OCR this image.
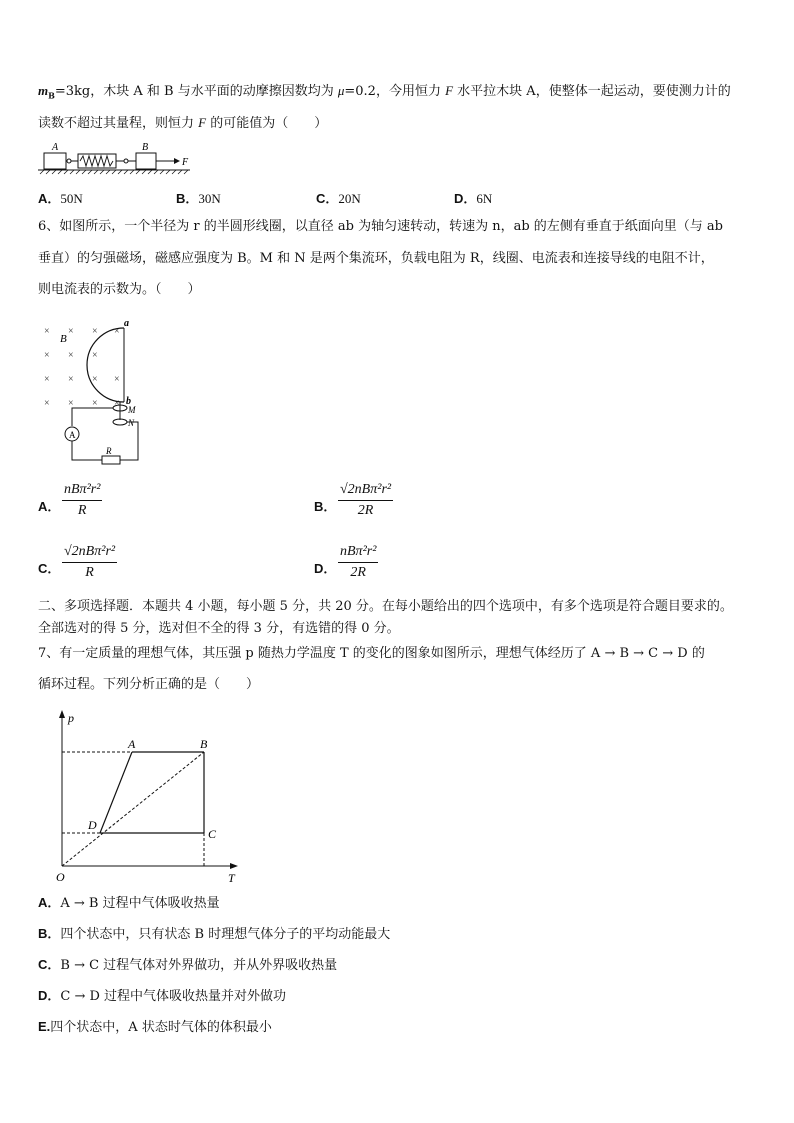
$m_B=3kg$，木块 A 和 B 与水平面的动摩擦因数均为 μ=0.2，今用恒力 F 水平拉木块 A，使整体一起运动，要使测力计的
读数不超过其量程，则恒力 F 的可能值为（　　）
A	B
F
A．50N	B．30N	C．20N	D．6N
6、如图所示，一个半径为 r 的半圆形线圈，以直径 ab 为轴匀速转动，转速为 n，ab 的左侧有垂直于纸面向里（与 ab
垂直）的匀强磁场，磁感应强度为 B。M 和 N 是两个集流环，负载电阻为 R，线圈、电流表和连接导线的电阻不计，
则电流表的示数为。（　　）
× × × ×
× × ×
× × × ×
× × × ×
B
a
b
M
N
A
R
A．
nBπ²r²
R	B．
√2nBπ²r²
2R
C．
√2nBπ²r²
R	D．
nBπ²r²
2R
二、多项选择题．本题共 4 小题，每小题 5 分，共 20 分。在每小题给出的四个选项中，有多个选项是符合题目要求的。
全部选对的得 5 分，选对但不全的得 3 分，有选错的得 0 分。
7、有一定质量的理想气体，其压强 p 随热力学温度 T 的变化的图象如图所示，理想气体经历了 A → B → C → D 的
循环过程。下列分析正确的是（　　）
p
T
O
A	B
C
D
A．A → B 过程中气体吸收热量
B．四个状态中，只有状态 B 时理想气体分子的平均动能最大
C．B → C 过程气体对外界做功，并从外界吸收热量
D．C → D 过程中气体吸收热量并对外做功
E.四个状态中，A 状态时气体的体积最小
